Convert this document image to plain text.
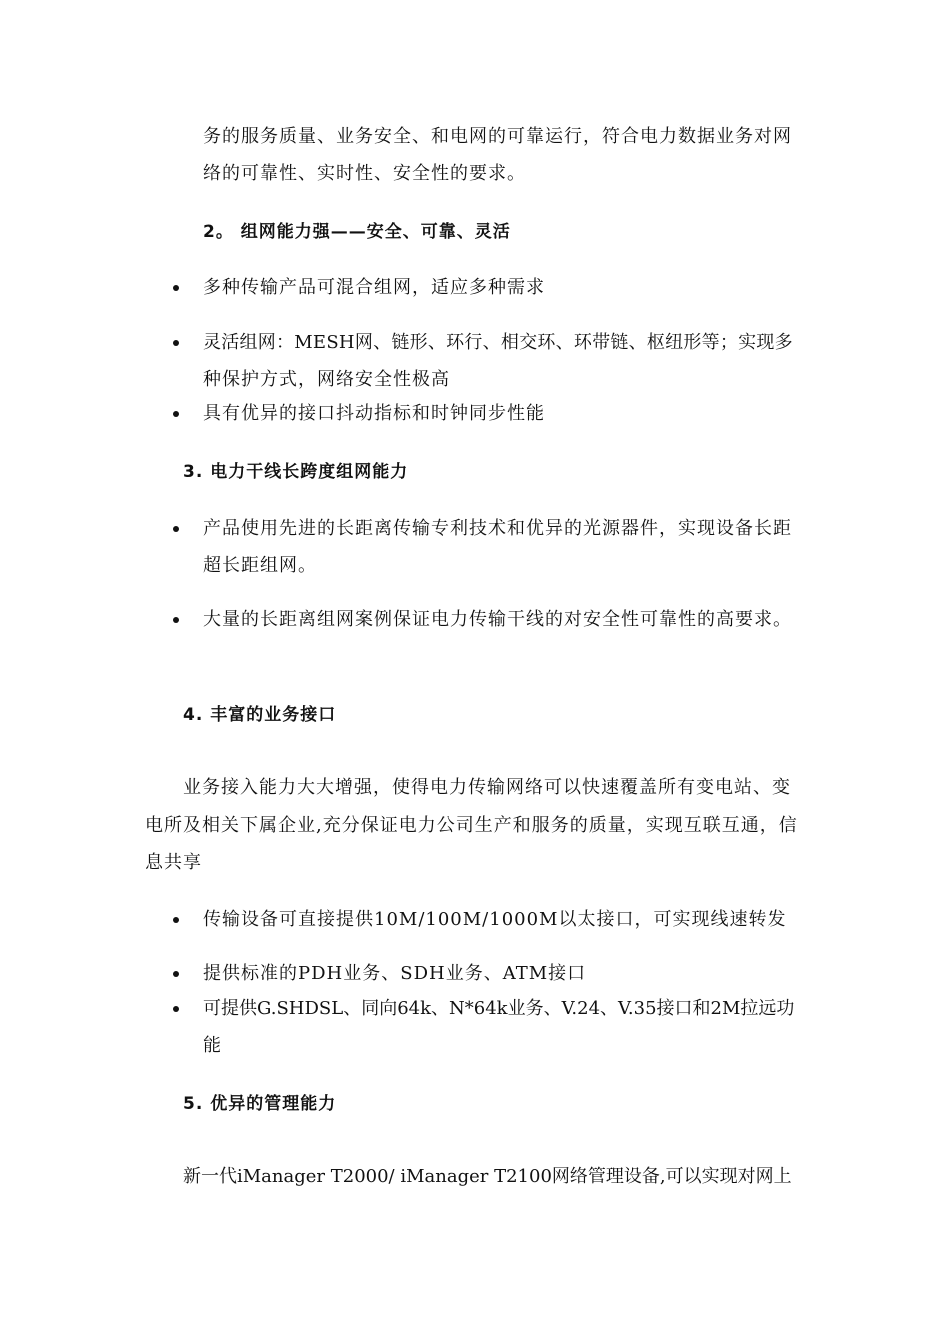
务的服务质量、业务安全、和电网的可靠运行，符合电力数据业务对网
络的可靠性、实时性、安全性的要求。
2。 组网能力强——安全、可靠、灵活
多种传输产品可混合组网，适应多种需求
灵活组网：MESH网、链形、环行、相交环、环带链、枢纽形等；实现多
种保护方式，网络安全性极高
具有优异的接口抖动指标和时钟同步性能
3. 电力干线长跨度组网能力
产品使用先进的长距离传输专利技术和优异的光源器件，实现设备长距
超长距组网。
大量的长距离组网案例保证电力传输干线的对安全性可靠性的高要求。
4. 丰富的业务接口
业务接入能力大大增强，使得电力传输网络可以快速覆盖所有变电站、变
电所及相关下属企业,充分保证电力公司生产和服务的质量，实现互联互通，信
息共享
传输设备可直接提供10M/100M/1000M以太接口，可实现线速转发
提供标准的PDH业务、SDH业务、ATM接口
可提供G.SHDSL、同向64k、N*64k业务、V.24、V.35接口和2M拉远功
能
5. 优异的管理能力
新一代iManager T2000/ iManager T2100网络管理设备,可以实现对网上
